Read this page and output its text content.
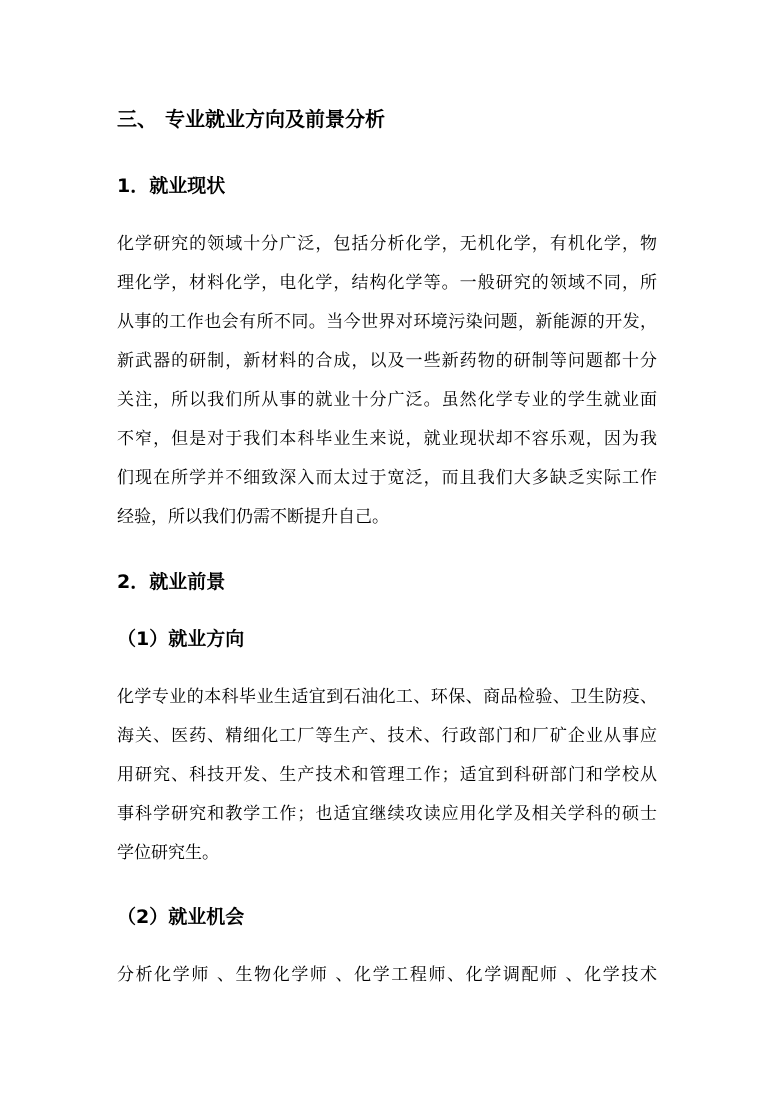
三、 专业就业方向及前景分析
1．就业现状
化学研究的领域十分广泛，包括分析化学，无机化学，有机化学，物
理化学，材料化学，电化学，结构化学等。一般研究的领域不同，所
从事的工作也会有所不同。当今世界对环境污染问题，新能源的开发，
新武器的研制，新材料的合成，以及一些新药物的研制等问题都十分
关注，所以我们所从事的就业十分广泛。虽然化学专业的学生就业面
不窄，但是对于我们本科毕业生来说，就业现状却不容乐观，因为我
们现在所学并不细致深入而太过于宽泛，而且我们大多缺乏实际工作
经验，所以我们仍需不断提升自己。
2．就业前景
（1）就业方向
化学专业的本科毕业生适宜到石油化工、环保、商品检验、卫生防疫、
海关、医药、精细化工厂等生产、技术、行政部门和厂矿企业从事应
用研究、科技开发、生产技术和管理工作；适宜到科研部门和学校从
事科学研究和教学工作；也适宜继续攻读应用化学及相关学科的硕士
学位研究生。
（2）就业机会
分析化学师 、生物化学师 、化学工程师、化学调配师 、化学技术
